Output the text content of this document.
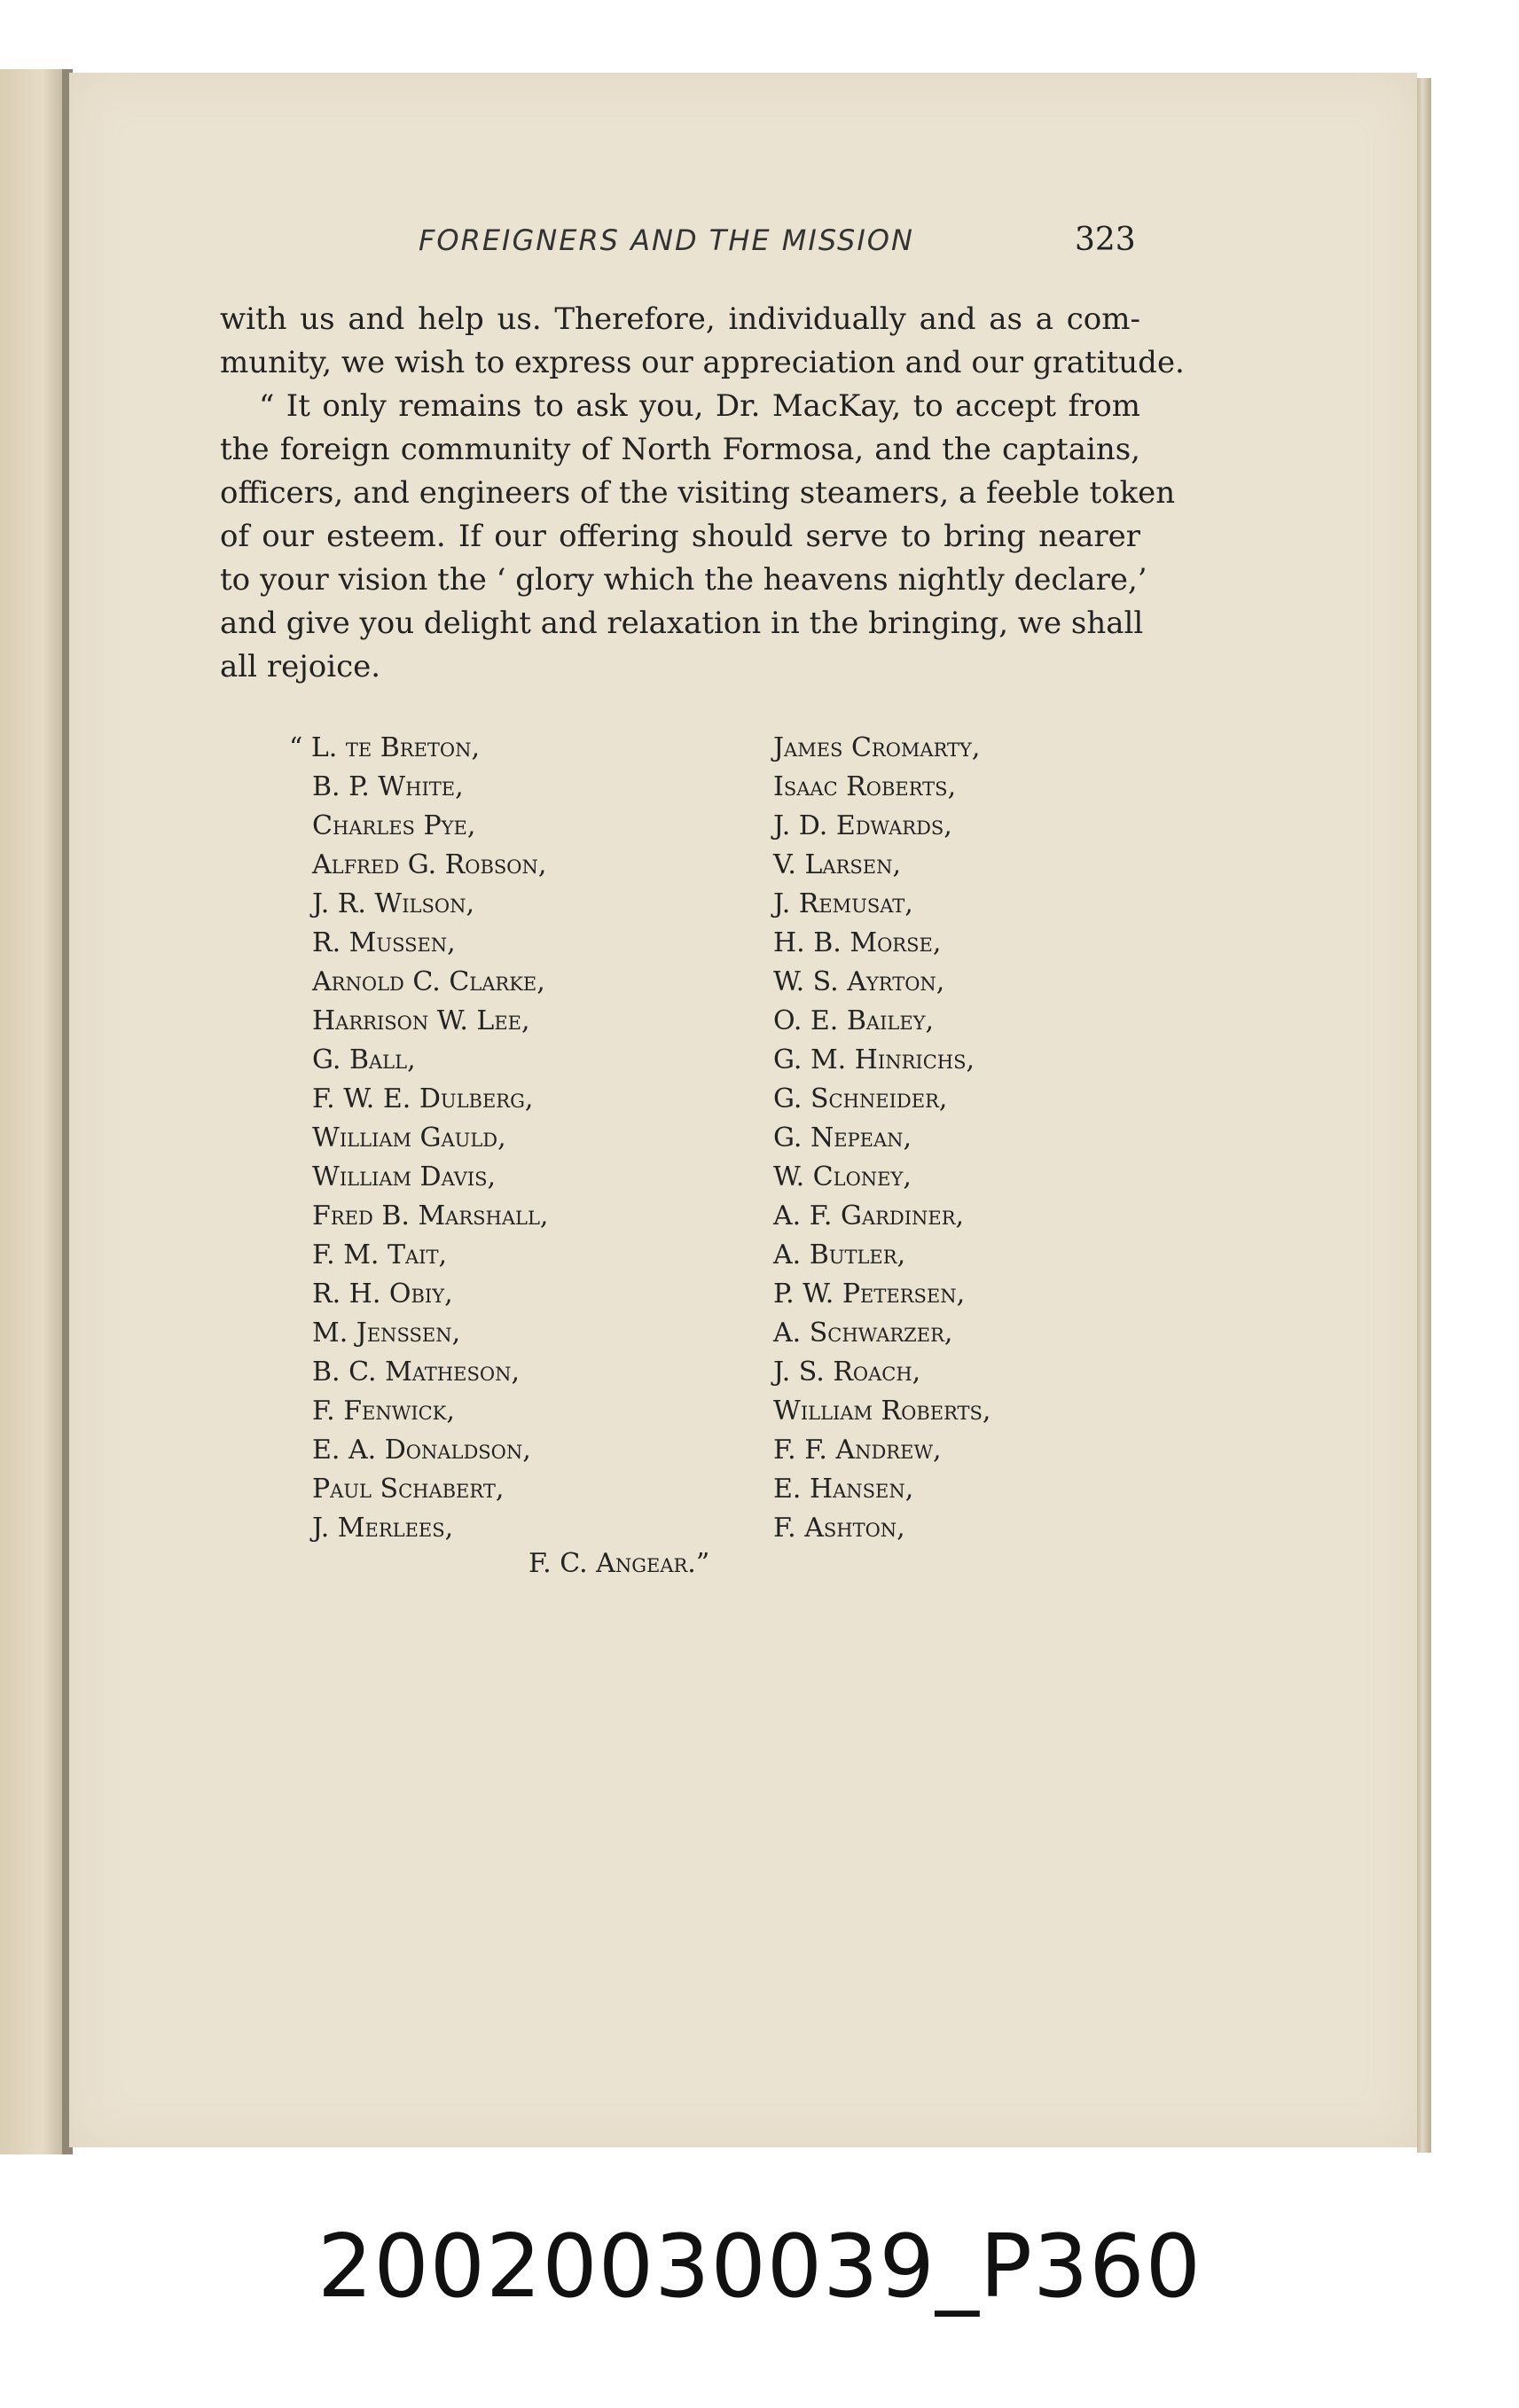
FOREIGNERS AND THE MISSION	323
with us and help us. Therefore, individually and as a com-
munity, we wish to express our appreciation and our gratitude.
“ It only remains to ask you, Dr. MacKay, to accept from
the foreign community of North Formosa, and the captains,
officers, and engineers of the visiting steamers, a feeble token
of our esteem. If our offering should serve to bring nearer
to your vision the ‘ glory which the heavens nightly declare,’
and give you delight and relaxation in the bringing, we shall
all rejoice.
“ L. te Breton,
B. P. White,
Charles Pye,
Alfred G. Robson,
J. R. Wilson,
R. Mussen,
Arnold C. Clarke,
Harrison W. Lee,
G. Ball,
F. W. E. Dulberg,
William Gauld,
William Davis,
Fred B. Marshall,
F. M. Tait,
R. H. Obiy,
M. Jenssen,
B. C. Matheson,
F. Fenwick,
E. A. Donaldson,
Paul Schabert,
J. Merlees,
James Cromarty,
Isaac Roberts,
J. D. Edwards,
V. Larsen,
J. Remusat,
H. B. Morse,
W. S. Ayrton,
O. E. Bailey,
G. M. Hinrichs,
G. Schneider,
G. Nepean,
W. Cloney,
A. F. Gardiner,
A. Butler,
P. W. Petersen,
A. Schwarzer,
J. S. Roach,
William Roberts,
F. F. Andrew,
E. Hansen,
F. Ashton,
F. C. Angear.”
20020030039_P360
